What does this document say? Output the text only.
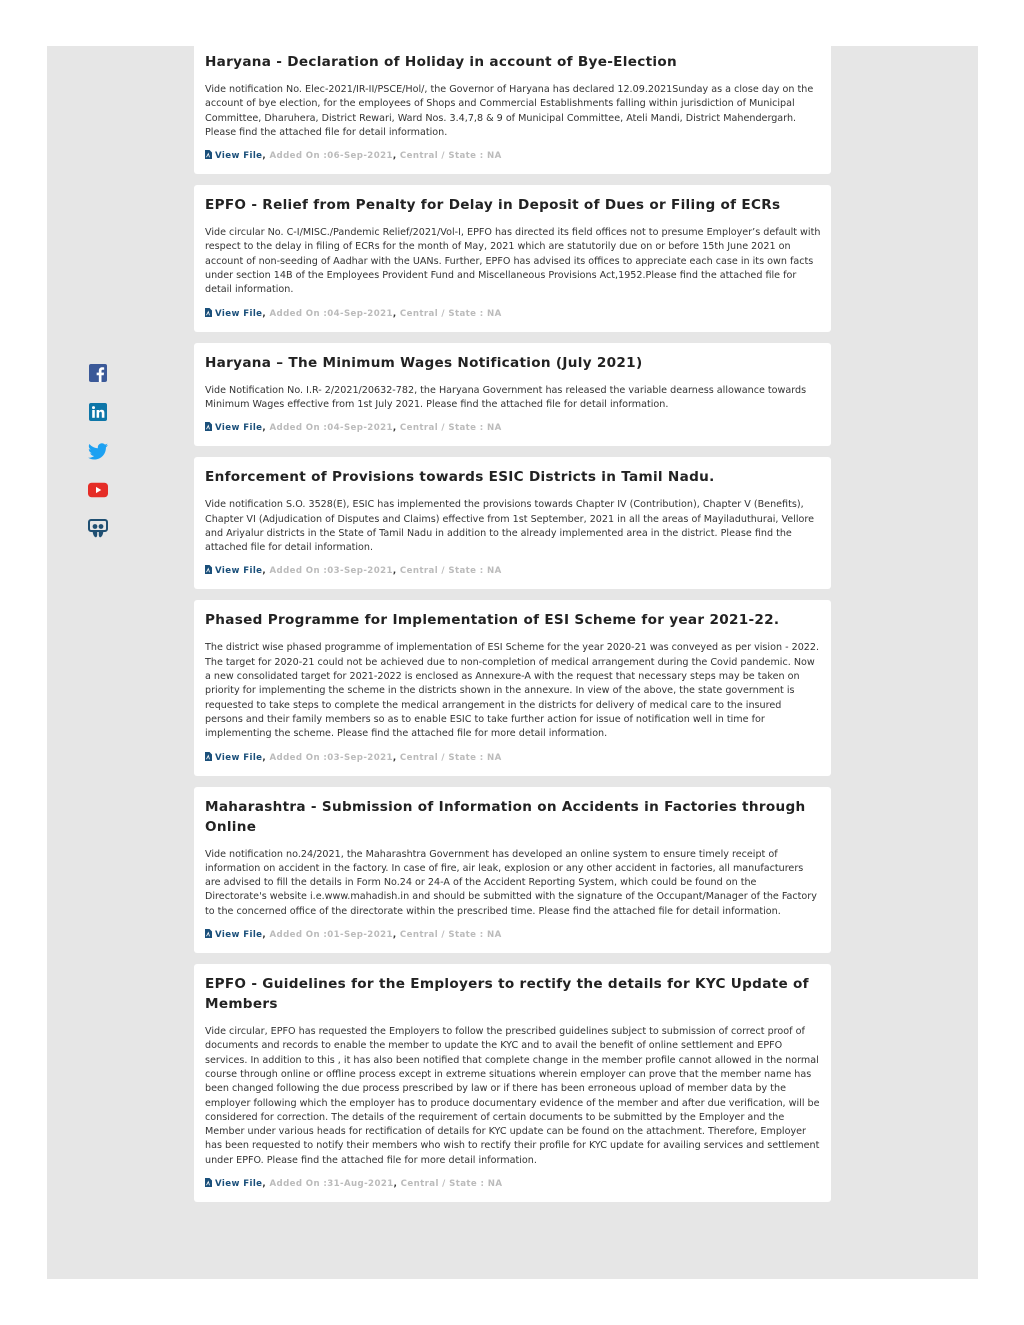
Haryana - Declaration of Holiday in account of Bye-Election

Vide notification No. Elec-2021/IR-II/PSCE/Hol/, the Governor of Haryana has declared 12.09.2021Sunday as a close day on the account of bye election, for the employees of Shops and Commercial Establishments falling within jurisdiction of Municipal Committee, Dharuhera, District Rewari, Ward Nos. 3.4,7,8 & 9 of Municipal Committee, Ateli Mandi, District Mahendergarh. Please find the attached file for detail information.

View File, Added On :06-Sep-2021, Central / State : NA
EPFO - Relief from Penalty for Delay in Deposit of Dues or Filing of ECRs

Vide circular No. C-I/MISC./Pandemic Relief/2021/Vol-I, EPFO has directed its field offices not to presume Employer’s default with respect to the delay in filing of ECRs for the month of May, 2021 which are statutorily due on or before 15th June 2021 on account of non-seeding of Aadhar with the UANs. Further, EPFO has advised its offices to appreciate each case in its own facts under section 14B of the Employees Provident Fund and Miscellaneous Provisions Act,1952.Please find the attached file for detail information.

View File, Added On :04-Sep-2021, Central / State : NA
Haryana – The Minimum Wages Notification (July 2021)

Vide Notification No. I.R- 2/2021/20632-782, the Haryana Government has released the variable dearness allowance towards Minimum Wages effective from 1st July 2021. Please find the attached file for detail information.

View File, Added On :04-Sep-2021, Central / State : NA
Enforcement of Provisions towards ESIC Districts in Tamil Nadu.

Vide notification S.O. 3528(E), ESIC has implemented the provisions towards Chapter IV (Contribution), Chapter V (Benefits), Chapter VI (Adjudication of Disputes and Claims) effective from 1st September, 2021 in all the areas of Mayiladuthurai, Vellore and Ariyalur districts in the State of Tamil Nadu in addition to the already implemented area in the district. Please find the attached file for detail information.

View File, Added On :03-Sep-2021, Central / State : NA
Phased Programme for Implementation of ESI Scheme for year 2021-22.

The district wise phased programme of implementation of ESI Scheme for the year 2020-21 was conveyed as per vision - 2022. The target for 2020-21 could not be achieved due to non-completion of medical arrangement during the Covid pandemic. Now a new consolidated target for 2021-2022 is enclosed as Annexure-A with the request that necessary steps may be taken on priority for implementing the scheme in the districts shown in the annexure. In view of the above, the state government is requested to take steps to complete the medical arrangement in the districts for delivery of medical care to the insured persons and their family members so as to enable ESIC to take further action for issue of notification well in time for implementing the scheme. Please find the attached file for more detail information.

View File, Added On :03-Sep-2021, Central / State : NA
Maharashtra - Submission of Information on Accidents in Factories through Online

Vide notification no.24/2021, the Maharashtra Government has developed an online system to ensure timely receipt of information on accident in the factory. In case of fire, air leak, explosion or any other accident in factories, all manufacturers are advised to fill the details in Form No.24 or 24-A of the Accident Reporting System, which could be found on the Directorate's website i.e.www.mahadish.in and should be submitted with the signature of the Occupant/Manager of the Factory to the concerned office of the directorate within the prescribed time. Please find the attached file for detail information.

View File, Added On :01-Sep-2021, Central / State : NA
EPFO - Guidelines for the Employers to rectify the details for KYC Update of Members

Vide circular, EPFO has requested the Employers to follow the prescribed guidelines subject to submission of correct proof of documents and records to enable the member to update the KYC and to avail the benefit of online settlement and EPFO services. In addition to this , it has also been notified that complete change in the member profile cannot allowed in the normal course through online or offline process except in extreme situations wherein employer can prove that the member name has been changed following the due process prescribed by law or if there has been erroneous upload of member data by the employer following which the employer has to produce documentary evidence of the member and after due verification, will be considered for correction. The details of the requirement of certain documents to be submitted by the Employer and the Member under various heads for rectification of details for KYC update can be found on the attachment. Therefore, Employer has been requested to notify their members who wish to rectify their profile for KYC update for availing services and settlement under EPFO. Please find the attached file for more detail information.

View File, Added On :31-Aug-2021, Central / State : NA
